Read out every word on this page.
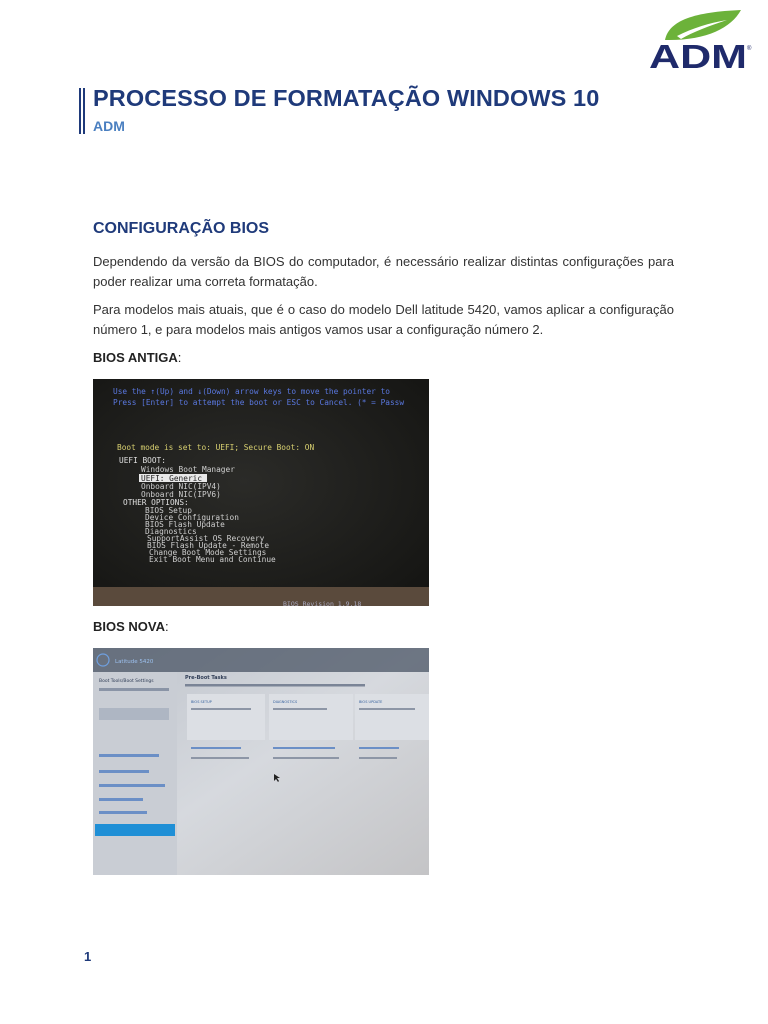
ADM ®
PROCESSO DE FORMATAÇÃO WINDOWS 10
ADM
CONFIGURAÇÃO BIOS

Dependendo da versão da BIOS do computador, é necessário realizar distintas configurações para poder realizar uma correta formatação.

Para modelos mais atuais, que é o caso do modelo Dell latitude 5420, vamos aplicar a configuração número 1, e para modelos mais antigos vamos usar a configuração número 2.

BIOS ANTIGA:
Use the ↑(Up) and ↓(Down) arrow keys to move the pointer to
Press [Enter] to attempt the boot or ESC to Cancel. (* = Passw
Boot mode is set to: UEFI; Secure Boot: ON
UEFI BOOT:
Windows Boot Manager
UEFI: Generic
Onboard NIC(IPV4)
Onboard NIC(IPV6)
OTHER OPTIONS:
BIOS Setup
Device Configuration
BIOS Flash Update
Diagnostics
SupportAssist OS Recovery
BIOS Flash Update - Remote
Change Boot Mode Settings
Exit Boot Menu and Continue
BIOS Revision 1.9.18
BIOS NOVA:
Latitude 5420
Boot Tools/Boot Settings
Pre-Boot Tasks
BIOS SETUP	DIAGNOSTICS	BIOS UPDATE
1
